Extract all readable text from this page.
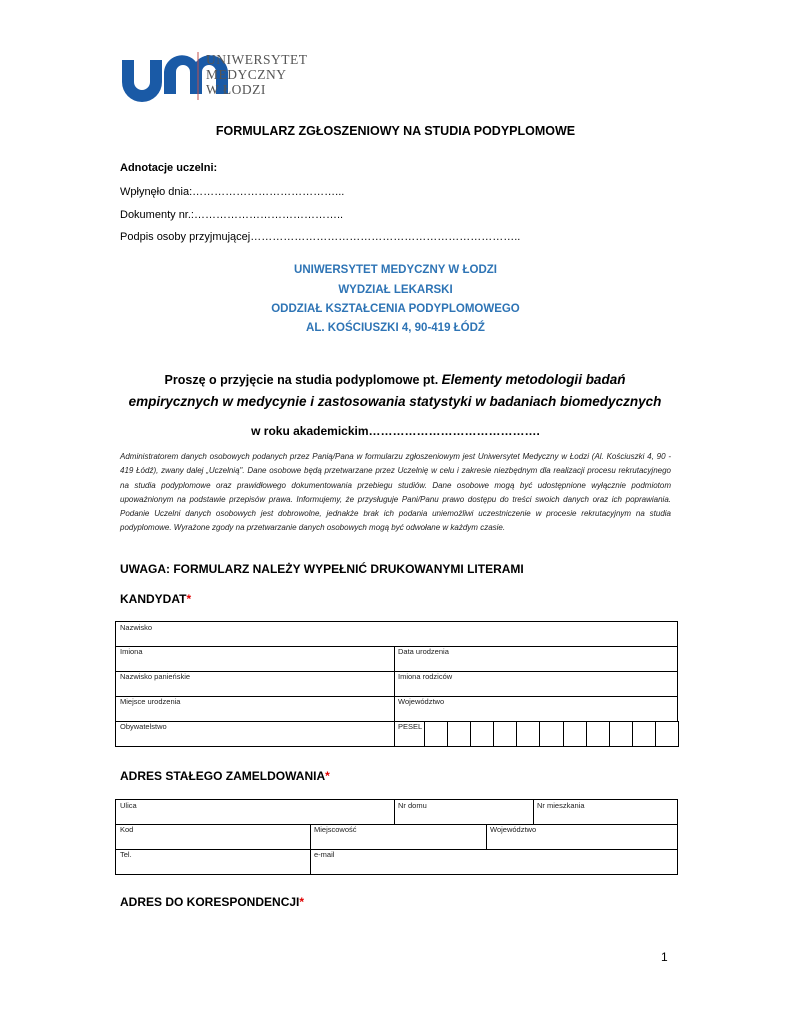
UNIWERSYTET
MEDYCZNY
W ŁODZI
FORMULARZ ZGŁOSZENIOWY NA STUDIA PODYPLOMOWE
Adnotacje uczelni:
Wpłynęło dnia:…………………………………...
Dokumenty nr.:…………………………………..
Podpis osoby przyjmującej………………………………………………………………..
UNIWERSYTET MEDYCZNY W ŁODZI
WYDZIAŁ LEKARSKI
ODDZIAŁ KSZTAŁCENIA PODYPLOMOWEGO
AL. KOŚCIUSZKI 4, 90-419 ŁÓDŹ
Proszę o przyjęcie na studia podyplomowe pt. Elementy metodologii badań empirycznych w medycynie i zastosowania statystyki w badaniach biomedycznych
w roku akademickim…………………………………….
Administratorem danych osobowych podanych przez Panią/Pana w formularzu zgłoszeniowym jest Uniwersytet Medyczny w Łodzi (Al. Kościuszki 4, 90 - 419 Łódź), zwany dalej „Uczelnią". Dane osobowe będą przetwarzane przez Uczelnię w celu i zakresie niezbędnym dla realizacji procesu rekrutacyjnego na studia podyplomowe oraz prawidłowego dokumentowania przebiegu studiów. Dane osobowe mogą być udostępnione wyłącznie podmiotom upoważnionym na podstawie przepisów prawa. Informujemy, że przysługuje Pani/Panu prawo dostępu do treści swoich danych oraz ich poprawiania. Podanie Uczelni danych osobowych jest dobrowolne, jednakże brak ich podania uniemożliwi uczestniczenie w procesie rekrutacyjnym na studia podyplomowe. Wyrażone zgody na przetwarzanie danych osobowych mogą być odwołane w każdym czasie.
UWAGA: FORMULARZ NALEŻY WYPEŁNIĆ DRUKOWANYMI LITERAMI
KANDYDAT*
Nazwisko
Imiona	Data urodzenia
Nazwisko panieńskie	Imiona rodziców
Miejsce urodzenia	Województwo
Obywatelstwo	PESEL
ADRES STAŁEGO ZAMELDOWANIA*
Ulica	Nr domu	Nr mieszkania
Kod	Miejscowość	Województwo
Tel.	e-mail
ADRES DO KORESPONDENCJI*
1
